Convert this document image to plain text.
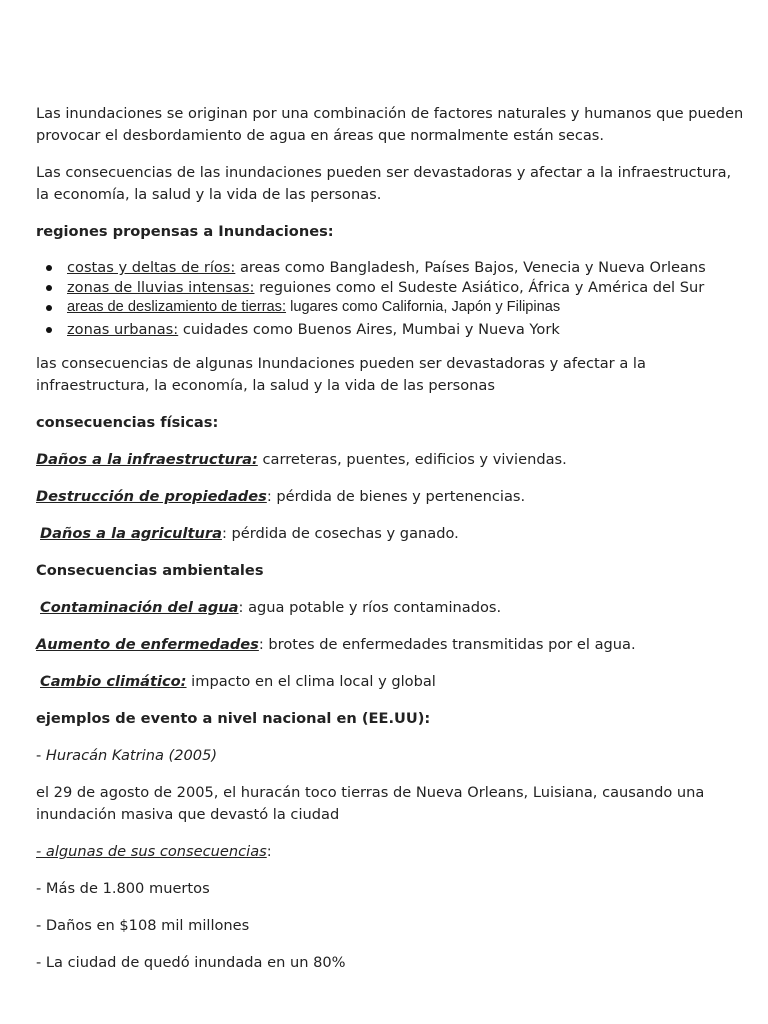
Las inundaciones se originan por una combinación de factores naturales y humanos que pueden provocar el desbordamiento de agua en áreas que normalmente están secas.

Las consecuencias de las inundaciones pueden ser devastadoras y afectar a la infraestructura, la economía, la salud y la vida de las personas.

regiones propensas a Inundaciones:

costas y deltas de ríos: areas como Bangladesh, Países Bajos, Venecia y Nueva Orleans
zonas de lluvias intensas: reguiones como el Sudeste Asiático, África y América del Sur
areas de deslizamiento de tierras: lugares como California, Japón y Filipinas
zonas urbanas: cuidades como Buenos Aires, Mumbai y Nueva York

las consecuencias de algunas Inundaciones pueden ser devastadoras y afectar a la infraestructura, la economía, la salud y la vida de las personas

consecuencias físicas:

Daños a la infraestructura: carreteras, puentes, edificios y viviendas.

Destrucción de propiedades: pérdida de bienes y pertenencias.

Daños a la agricultura: pérdida de cosechas y ganado.

Consecuencias ambientales

Contaminación del agua: agua potable y ríos contaminados.

Aumento de enfermedades: brotes de enfermedades transmitidas por el agua.

Cambio climático: impacto en el clima local y global

ejemplos de evento a nivel nacional en (EE.UU):

- Huracán Katrina (2005)

el 29 de agosto de 2005, el huracán toco tierras de Nueva Orleans, Luisiana, causando una inundación masiva que devastó la ciudad

- algunas de sus consecuencias:

- Más de 1.800 muertos

- Daños en $108 mil millones

- La ciudad de quedó inundada en un 80%
